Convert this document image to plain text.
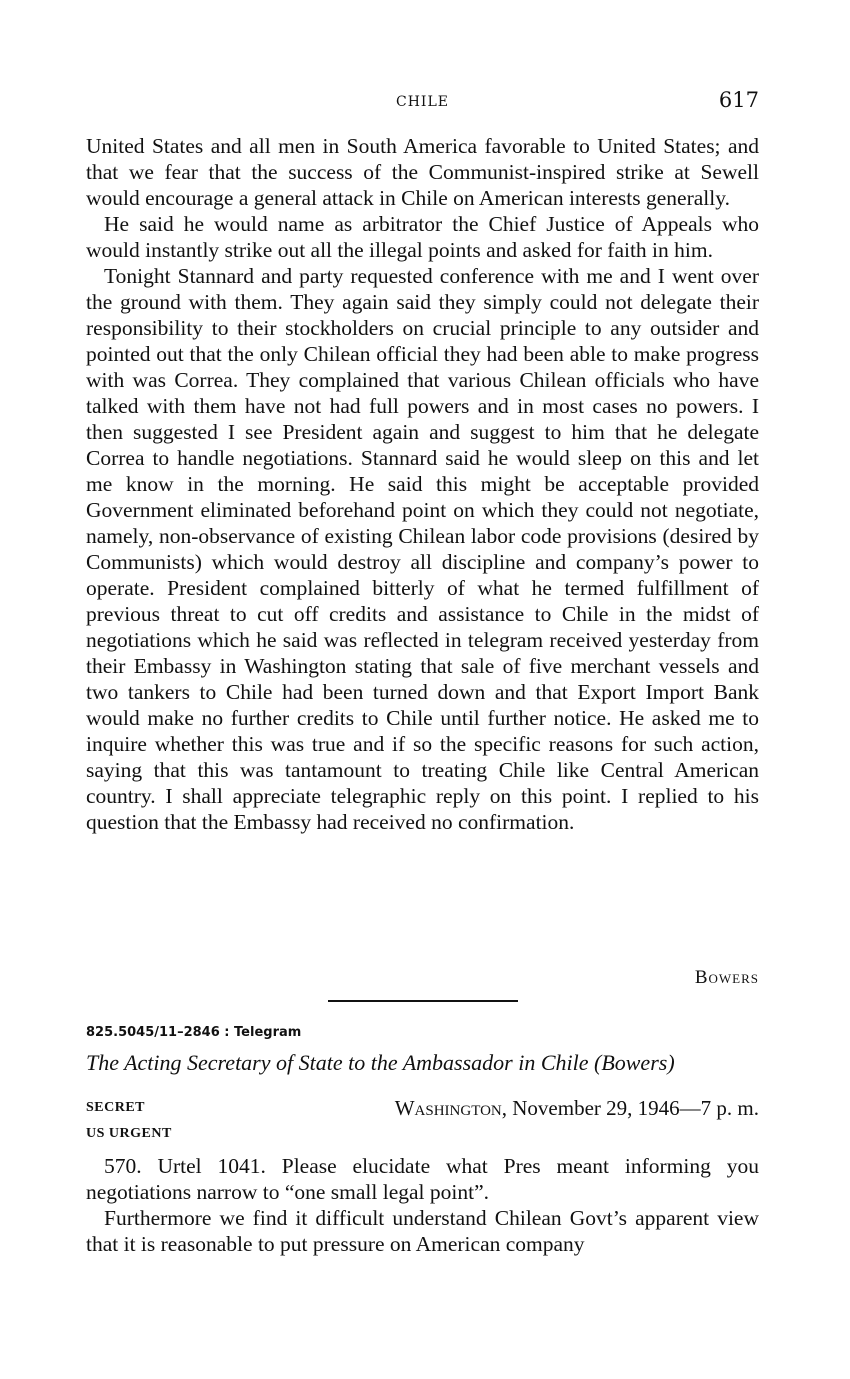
CHILE	617

United States and all men in South America favorable to United States; and that we fear that the success of the Communist-inspired strike at Sewell would encourage a general attack in Chile on American interests generally.

He said he would name as arbitrator the Chief Justice of Appeals who would instantly strike out all the illegal points and asked for faith in him.

Tonight Stannard and party requested conference with me and I went over the ground with them. They again said they simply could not delegate their responsibility to their stockholders on crucial principle to any outsider and pointed out that the only Chilean official they had been able to make progress with was Correa. They complained that various Chilean officials who have talked with them have not had full powers and in most cases no powers. I then suggested I see President again and suggest to him that he delegate Correa to handle negotiations. Stannard said he would sleep on this and let me know in the morning. He said this might be acceptable provided Government eliminated beforehand point on which they could not negotiate, namely, non-observance of existing Chilean labor code provisions (desired by Communists) which would destroy all discipline and company’s power to operate. President complained bitterly of what he termed fulfillment of previous threat to cut off credits and assistance to Chile in the midst of negotiations which he said was reflected in telegram received yesterday from their Embassy in Washington stating that sale of five merchant vessels and two tankers to Chile had been turned down and that Export Import Bank would make no further credits to Chile until further notice. He asked me to inquire whether this was true and if so the specific reasons for such action, saying that this was tantamount to treating Chile like Central American country. I shall appreciate telegraphic reply on this point. I replied to his question that the Embassy had received no confirmation.

Bowers
825.5045/11–2846 : Telegram
The Acting Secretary of State to the Ambassador in Chile (Bowers)
SECRET
US URGENT
Washington, November 29, 1946—7 p. m.

570. Urtel 1041. Please elucidate what Pres meant informing you negotiations narrow to “one small legal point”.

Furthermore we find it difficult understand Chilean Govt’s apparent view that it is reasonable to put pressure on American company
